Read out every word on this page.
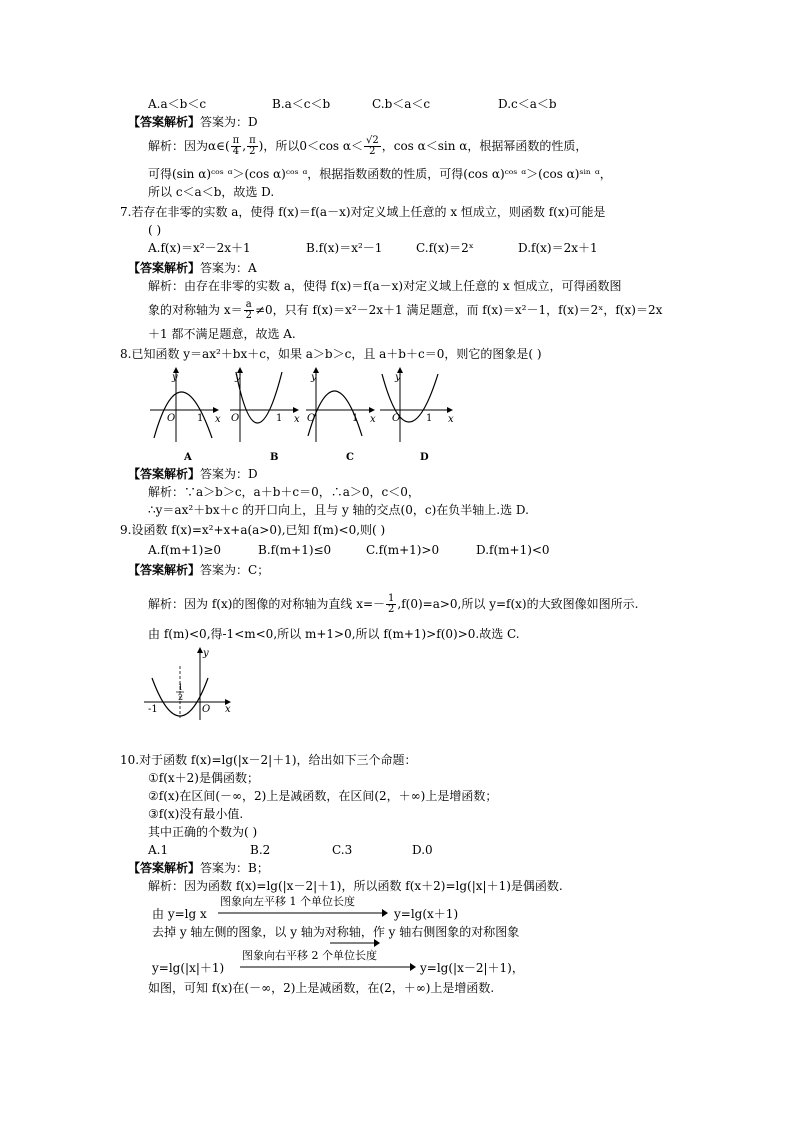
A.a＜b＜c	B.a＜c＜b	C.b＜a＜c	D.c＜a＜b
【答案解析】答案为：D
解析：因为α∈( $\frac{\pi}{4}$ , $\frac{\pi}{2}$ )，所以0＜cos $\alpha< \frac{√2}{2}$ ，cos α＜sin α，根据幂函数的性质，
可得(sin α)ᶜᵒˢ ᵅ＞(cos α)ᶜᵒˢ ᵅ，根据指数函数的性质，可得(cos α)ᶜᵒˢ ᵅ＞(cos α)ˢⁱⁿ ᵅ，
所以 c＜a＜b，故选 D.
7.若存在非零的实数 a，使得 f(x)＝f(a－x)对定义域上任意的 x 恒成立，则函数 f(x)可能是
( )
A.f(x)＝x²－2x＋1	B.f(x)＝x²－1	C.f(x)＝2ˣ	D.f(x)＝2x＋1
【答案解析】答案为：A
解析：由存在非零的实数 a，使得 f(x)＝f(a－x)对定义域上任意的 x 恒成立，可得函数图
象的对称轴为 $x= \frac{a}{2} \ne 0$，只有 f(x)＝x²－2x＋1 满足题意，而 f(x)＝x²－1，f(x)＝2ˣ，f(x)＝2x
＋1 都不满足题意，故选 A.
8.已知函数 y＝ax²＋bx＋c，如果 a＞b＞c，且 a＋b＋c＝0，则它的图象是( )
y
x
O 1
y
x
O	1
y
x
O	1
y
x
O	1
A	B	C	D
【答案解析】答案为：D
解析：∵a＞b＞c，a＋b＋c＝0，∴a＞0，c＜0，
∴y＝ax²＋bx＋c 的开口向上，且与 y 轴的交点(0，c)在负半轴上.选 D.
9.设函数 f(x)=x²+x+a(a>0),已知 f(m)<0,则( )
A.f(m+1)≥0	B.f(m+1)≤0	C.f(m+1)>0	D.f(m+1)<0
【答案解析】答案为：C；
解析：因为 f(x)的图像的对称轴为直线 $x=- \frac{1}{2} ,f(0)=a>0$,所以 y=f(x)的大致图像如图所示.
由 f(m)<0,得-1<m<0,所以 m+1>0,所以 f(m+1)>f(0)>0.故选 C.
y
x
O
-1
1
2
10.对于函数 f(x)=lg(|x－2|＋1)，给出如下三个命题：
①f(x＋2)是偶函数；
②f(x)在区间(－∞，2)上是减函数，在区间(2，＋∞)上是增函数；
③f(x)没有最小值.
其中正确的个数为( )
A.1	B.2	C.3	D.0
【答案解析】答案为：B；
解析：因为函数 f(x)=lg(|x－2|＋1)，所以函数 f(x＋2)=lg(|x|＋1)是偶函数.
由 y=lg x
图象向左平移 1 个单位长度
y=lg(x＋1)
去掉 y 轴左侧的图象，以 y 轴为对称轴，作 y 轴右侧图象的对称图象
y=lg(|x|＋1)
图象向右平移 2 个单位长度
y=lg(|x－2|＋1)，
如图，可知 f(x)在(－∞，2)上是减函数，在(2，＋∞)上是增函数.
